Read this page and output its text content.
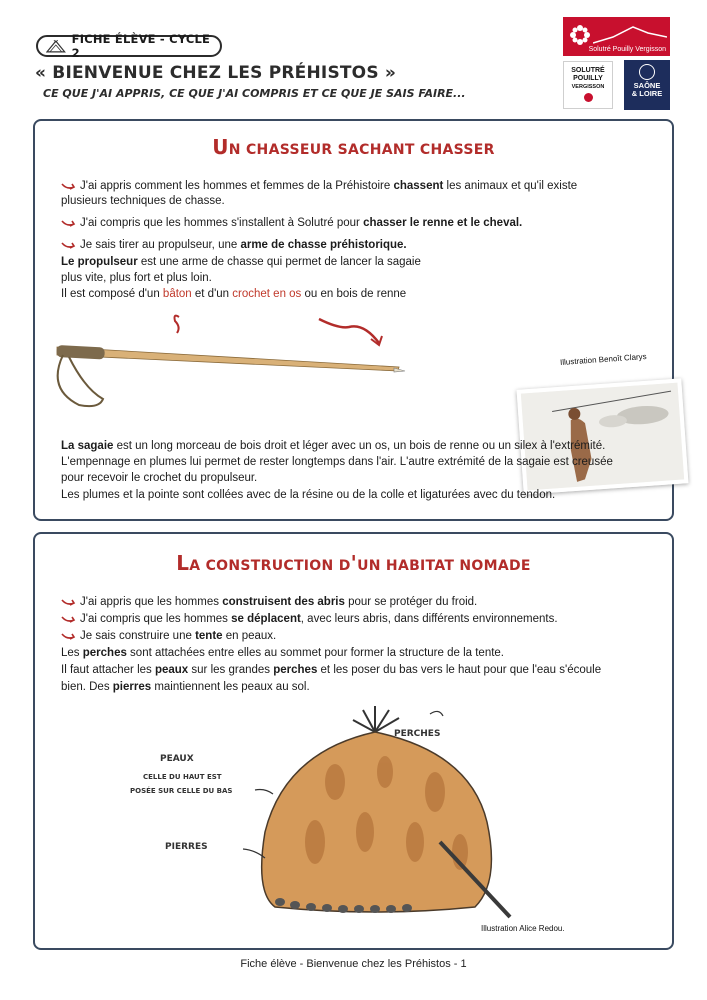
FICHE ÉLÈVE - CYCLE 2
« BIENVENUE CHEZ LES PRÉHISTOS »
CE QUE J'AI APPRIS, CE QUE J'AI COMPRIS ET CE QUE JE SAIS FAIRE...
Solutré Pouilly Vergisson
SOLUTRÉ
POUILLY
VERGISSON	SAÔNE
& LOIRE
UN CHASSEUR SACHANT CHASSER
J'ai appris comment les hommes et femmes de la Préhistoire chassent les animaux et qu'il existe
plusieurs techniques de chasse.
J'ai compris que les hommes s'installent à Solutré pour chasser le renne et le cheval.
Je sais tirer au propulseur, une arme de chasse préhistorique.
Le propulseur est une arme de chasse qui permet de lancer la sagaie
plus vite, plus fort et plus loin.
Il est composé d'un bâton et d'un crochet en os ou en bois de renne
Illustration Benoît Clarys
La sagaie est un long morceau de bois droit et léger avec un os, un bois de renne ou un silex à l'extrémité.
L'empennage en plumes lui permet de rester longtemps dans l'air. L'autre extrémité de la sagaie est creusée
pour recevoir le crochet du propulseur.
Les plumes et la pointe sont collées avec de la résine ou de la colle et ligaturées avec du tendon.
LA CONSTRUCTION D'UN HABITAT NOMADE
J'ai appris que les hommes construisent des abris pour se protéger du froid.
J'ai compris que les hommes se déplacent, avec leurs abris, dans différents environnements.
Je sais construire une tente en peaux.
Les perches sont attachées entre elles au sommet pour former la structure de la tente.
Il faut attacher les peaux sur les grandes perches et les poser du bas vers le haut pour que l'eau s'écoule
bien. Des pierres maintiennent les peaux au sol.
PEAUX
CELLE DU HAUT EST
POSÉE SUR CELLE DU BAS
PERCHES
PIERRES
Illustration Alice Redou.
Fiche élève - Bienvenue chez les Préhistos - 1
